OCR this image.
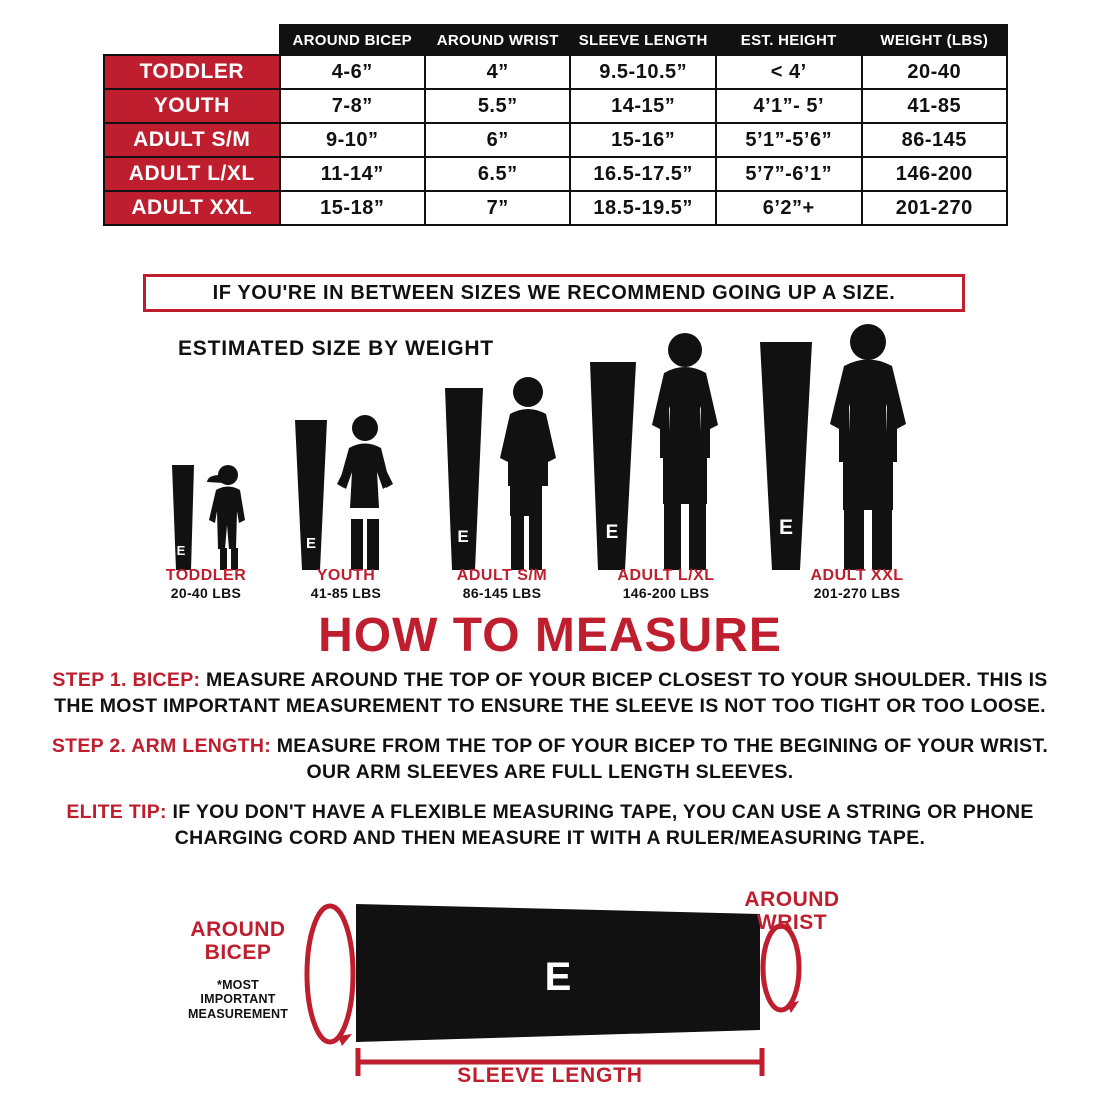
	AROUND BICEP	AROUND WRIST	SLEEVE LENGTH	EST. HEIGHT	WEIGHT (LBS)
TODDLER	4-6”	4”	9.5-10.5”	< 4’	20-40
YOUTH	7-8”	5.5”	14-15”	4’1”- 5’	41-85
ADULT S/M	9-10”	6”	15-16”	5’1”-5’6”	86-145
ADULT L/XL	11-14”	6.5”	16.5-17.5”	5’7”-6’1”	146-200
ADULT XXL	15-18”	7”	18.5-19.5”	6’2”+	201-270
IF YOU'RE IN BETWEEN SIZES WE RECOMMEND GOING UP A SIZE.
ESTIMATED SIZE BY WEIGHT
E	E	E	E	E
TODDLER
20-40 LBS
YOUTH
41-85 LBS
ADULT S/M
86-145 LBS
ADULT L/XL
146-200 LBS
ADULT XXL
201-270 LBS
HOW TO MEASURE
STEP 1. BICEP: MEASURE AROUND THE TOP OF YOUR BICEP CLOSEST TO YOUR SHOULDER. THIS IS THE MOST IMPORTANT MEASUREMENT TO ENSURE THE SLEEVE IS NOT TOO TIGHT OR TOO LOOSE.
STEP 2. ARM LENGTH: MEASURE FROM THE TOP OF YOUR BICEP TO THE BEGINING OF YOUR WRIST. OUR ARM SLEEVES ARE FULL LENGTH SLEEVES.
ELITE TIP: IF YOU DON'T HAVE A FLEXIBLE MEASURING TAPE, YOU CAN USE A STRING OR PHONE CHARGING CORD AND THEN MEASURE IT WITH A RULER/MEASURING TAPE.
E
AROUND
BICEP
*MOST IMPORTANT MEASUREMENT
AROUND
WRIST
SLEEVE LENGTH
